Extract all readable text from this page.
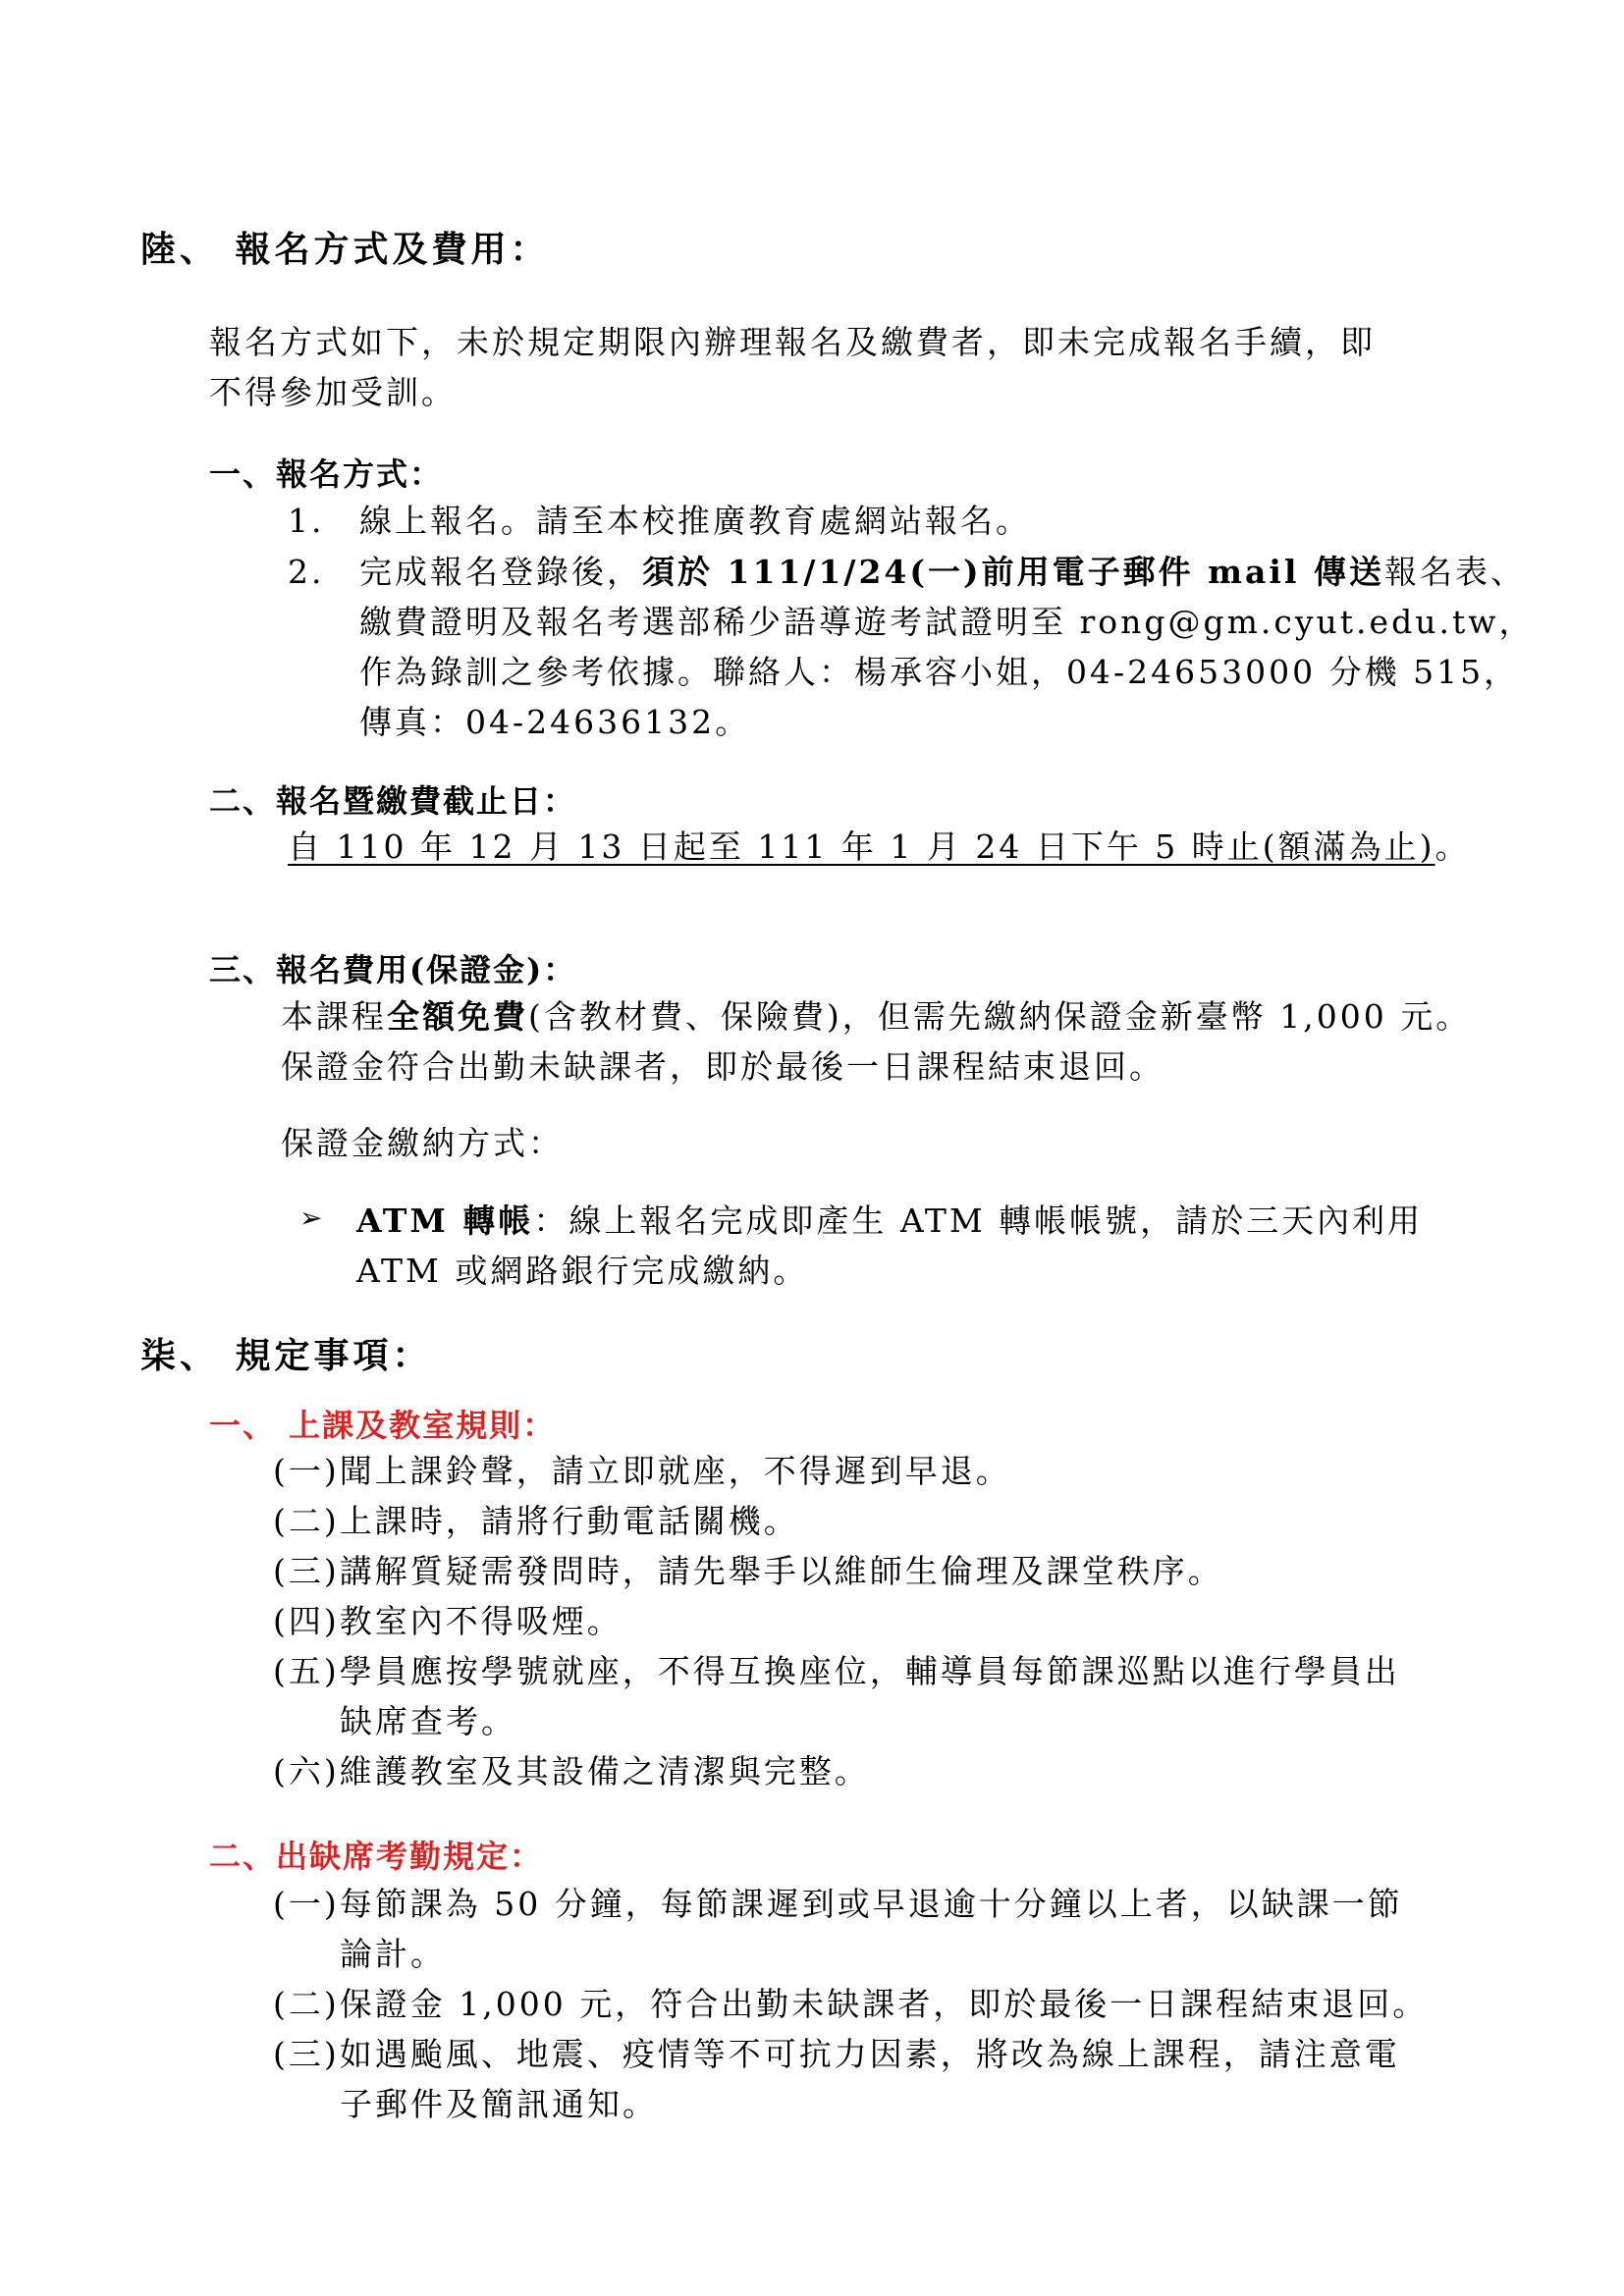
陸、 報名方式及費用：
報名方式如下，未於規定期限內辦理報名及繳費者，即未完成報名手續，即
不得參加受訓。
一、報名方式：
1. 線上報名。請至本校推廣教育處網站報名。
2. 完成報名登錄後，須於 111/1/24(一)前用電子郵件 mail 傳送報名表、
繳費證明及報名考選部稀少語導遊考試證明至 rong@gm.cyut.edu.tw，
作為錄訓之參考依據。聯絡人：楊承容小姐，04-24653000 分機 515，
傳真：04-24636132。
二、報名暨繳費截止日：
自 110 年 12 月 13 日起至 111 年 1 月 24 日下午 5 時止(額滿為止)。
三、報名費用(保證金)：
本課程全額免費(含教材費、保險費)，但需先繳納保證金新臺幣 1,000 元。
保證金符合出勤未缺課者，即於最後一日課程結束退回。
保證金繳納方式：
➢ ATM 轉帳：線上報名完成即產生 ATM 轉帳帳號，請於三天內利用
ATM 或網路銀行完成繳納。
柒、 規定事項：
一、 上課及教室規則：
(一)聞上課鈴聲，請立即就座，不得遲到早退。
(二)上課時，請將行動電話關機。
(三)講解質疑需發問時，請先舉手以維師生倫理及課堂秩序。
(四)教室內不得吸煙。
(五)學員應按學號就座，不得互換座位，輔導員每節課巡點以進行學員出
缺席查考。
(六)維護教室及其設備之清潔與完整。
二、出缺席考勤規定：
(一)每節課為 50 分鐘，每節課遲到或早退逾十分鐘以上者，以缺課一節
論計。
(二)保證金 1,000 元，符合出勤未缺課者，即於最後一日課程結束退回。
(三)如遇颱風、地震、疫情等不可抗力因素，將改為線上課程，請注意電
子郵件及簡訊通知。
